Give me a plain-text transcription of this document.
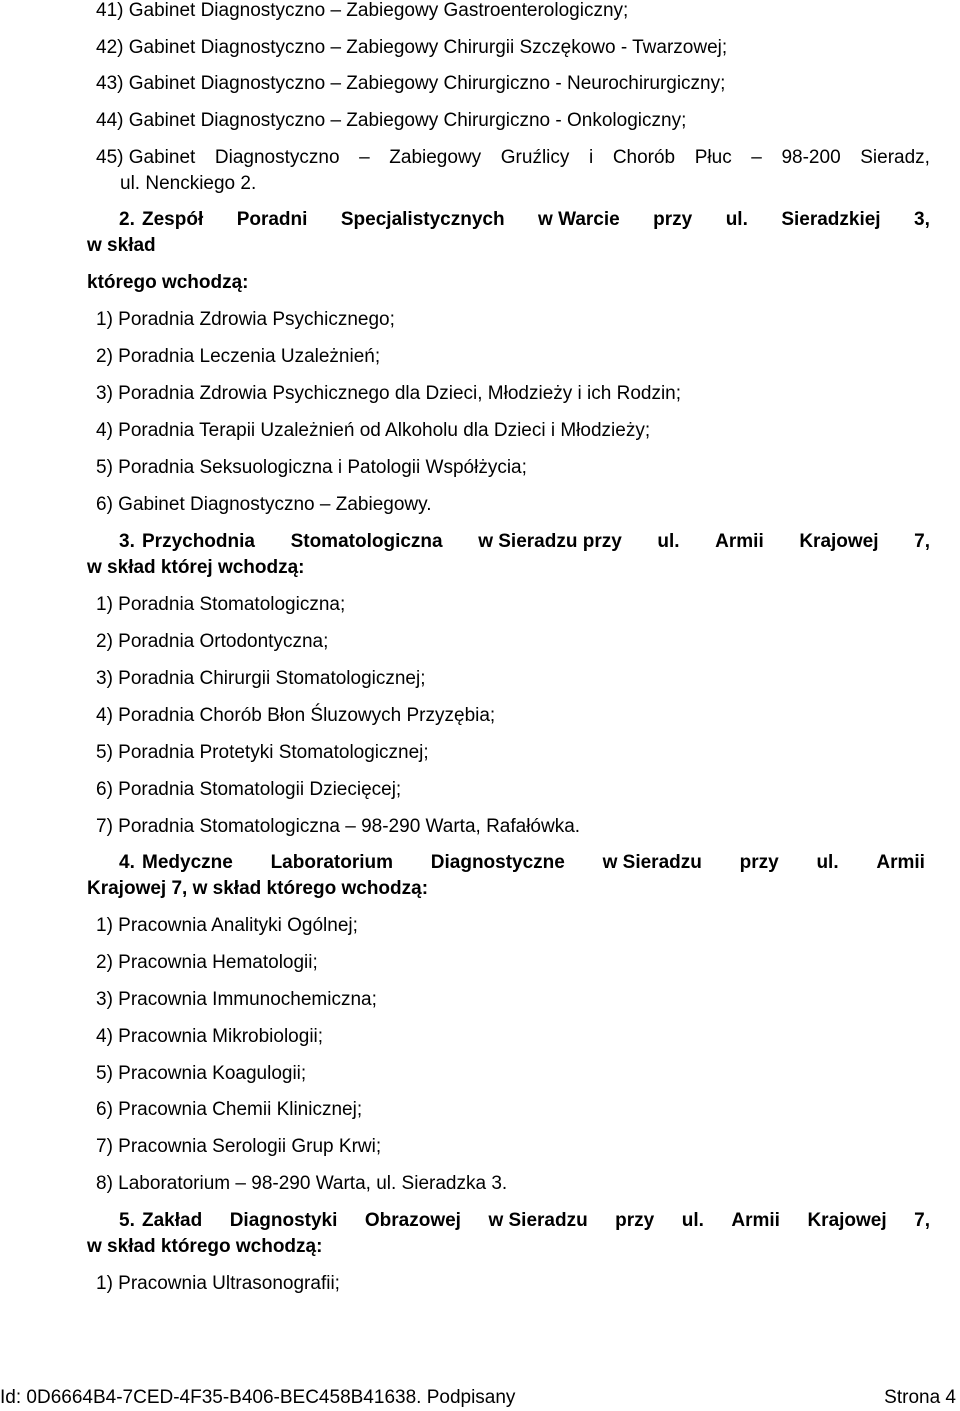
41) Gabinet Diagnostyczno – Zabiegowy Gastroenterologiczny;
42) Gabinet Diagnostyczno – Zabiegowy Chirurgii Szczękowo - Twarzowej;
43) Gabinet Diagnostyczno – Zabiegowy Chirurgiczno - Neurochirurgiczny;
44) Gabinet Diagnostyczno – Zabiegowy Chirurgiczno - Onkologiczny;
45) Gabinet Diagnostyczno – Zabiegowy Gruźlicy i Chorób Płuc – 98-200 Sieradz,
ul. Nenckiego 2.
2. Zespół Poradni Specjalistycznych w Warcie przy ul. Sieradzkiej 3,
w skład
którego wchodzą:
1) Poradnia Zdrowia Psychicznego;
2) Poradnia Leczenia Uzależnień;
3) Poradnia Zdrowia Psychicznego dla Dzieci, Młodzieży i ich Rodzin;
4) Poradnia Terapii Uzależnień od Alkoholu dla Dzieci i Młodzieży;
5) Poradnia Seksuologiczna i Patologii Współżycia;
6) Gabinet Diagnostyczno – Zabiegowy.
3. Przychodnia Stomatologiczna w Sieradzu przy ul. Armii Krajowej 7,
w skład której wchodzą:
1) Poradnia Stomatologiczna;
2) Poradnia Ortodontyczna;
3) Poradnia Chirurgii Stomatologicznej;
4) Poradnia Chorób Błon Śluzowych Przyzębia;
5) Poradnia Protetyki Stomatologicznej;
6) Poradnia Stomatologii Dziecięcej;
7) Poradnia Stomatologiczna – 98-290 Warta, Rafałówka.
4. Medyczne Laboratorium Diagnostyczne w Sieradzu przy ul. Armii
Krajowej 7, w skład którego wchodzą:
1) Pracownia Analityki Ogólnej;
2) Pracownia Hematologii;
3) Pracownia Immunochemiczna;
4) Pracownia Mikrobiologii;
5) Pracownia Koagulogii;
6) Pracownia Chemii Klinicznej;
7) Pracownia Serologii Grup Krwi;
8) Laboratorium – 98-290 Warta, ul. Sieradzka 3.
5. Zakład Diagnostyki Obrazowej w Sieradzu przy ul. Armii Krajowej 7,
w skład którego wchodzą:
1) Pracownia Ultrasonografii;
Id: 0D6664B4-7CED-4F35-B406-BEC458B41638. Podpisany	Strona 4
